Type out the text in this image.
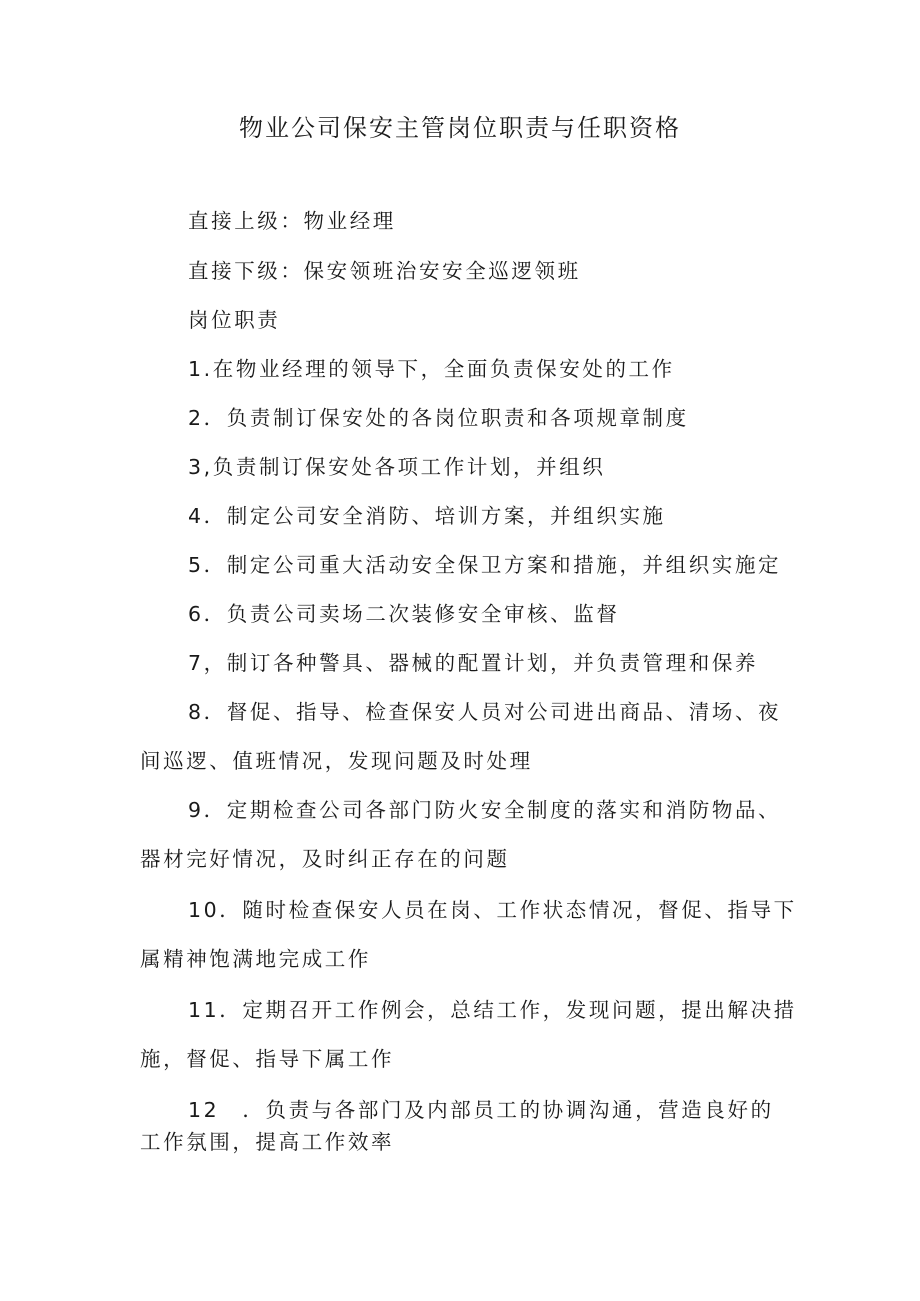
物业公司保安主管岗位职责与任职资格
直接上级：物业经理
直接下级：保安领班治安安全巡逻领班
岗位职责
1.在物业经理的领导下，全面负责保安处的工作
2．负责制订保安处的各岗位职责和各项规章制度
3,负责制订保安处各项工作计划，并组织
4．制定公司安全消防、培训方案，并组织实施
5．制定公司重大活动安全保卫方案和措施，并组织实施定
6．负责公司卖场二次装修安全审核、监督
7，制订各种警具、器械的配置计划，并负责管理和保养
8．督促、指导、检查保安人员对公司进出商品、清场、夜
间巡逻、值班情况，发现问题及时处理
9．定期检查公司各部门防火安全制度的落实和消防物品、
器材完好情况，及时纠正存在的问题
10．随时检查保安人员在岗、工作状态情况，督促、指导下
属精神饱满地完成工作
11．定期召开工作例会，总结工作，发现问题，提出解决措
施，督促、指导下属工作
12　．负责与各部门及内部员工的协调沟通，营造良好的
工作氛围，提高工作效率
